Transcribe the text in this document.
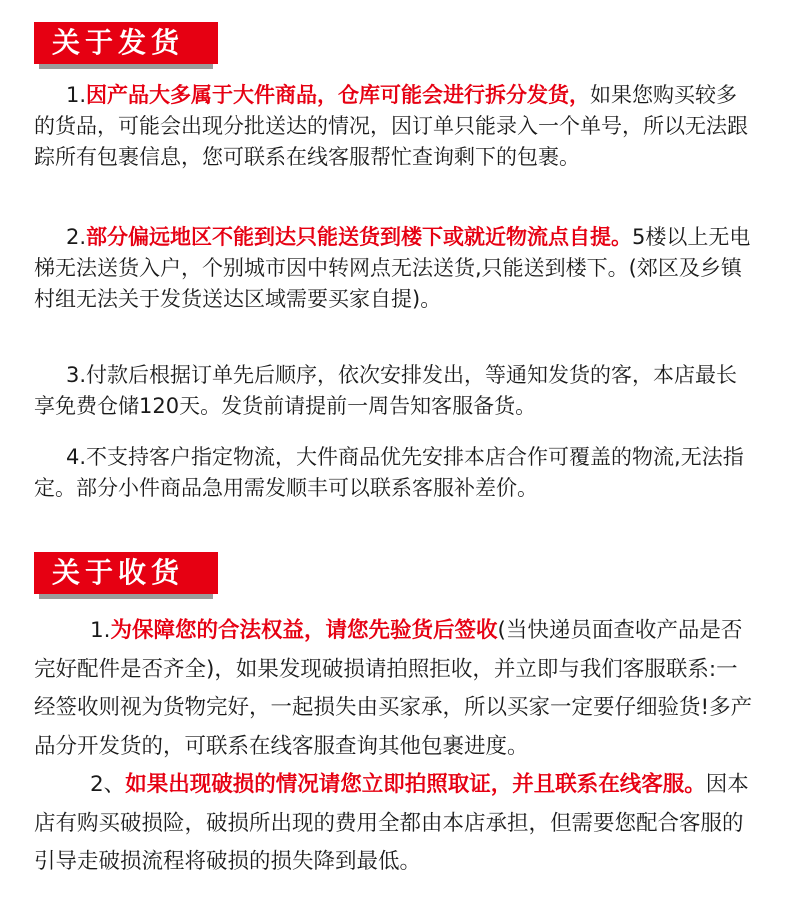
关于发货

1.因产品大多属于大件商品，仓库可能会进行拆分发货，如果您购买较多的货品，可能会出现分批送达的情况，因订单只能录入一个单号，所以无法跟踪所有包裹信息，您可联系在线客服帮忙查询剩下的包裹。

2.部分偏远地区不能到达只能送货到楼下或就近物流点自提。5楼以上无电梯无法送货入户，个别城市因中转网点无法送货,只能送到楼下。(郊区及乡镇村组无法关于发货送达区域需要买家自提)。

3.付款后根据订单先后顺序，依次安排发出，等通知发货的客，本店最长享免费仓储120天。发货前请提前一周告知客服备货。

4.不支持客户指定物流，大件商品优先安排本店合作可覆盖的物流,无法指定。部分小件商品急用需发顺丰可以联系客服补差价。

关于收货

1.为保障您的合法权益，请您先验货后签收(当快递员面查收产品是否完好配件是否齐全)，如果发现破损请拍照拒收，并立即与我们客服联系:一经签收则视为货物完好，一起损失由买家承，所以买家一定要仔细验货!多产品分开发货的，可联系在线客服查询其他包裹进度。

2、如果出现破损的情况请您立即拍照取证，并且联系在线客服。因本店有购买破损险，破损所出现的费用全都由本店承担，但需要您配合客服的引导走破损流程将破损的损失降到最低。
